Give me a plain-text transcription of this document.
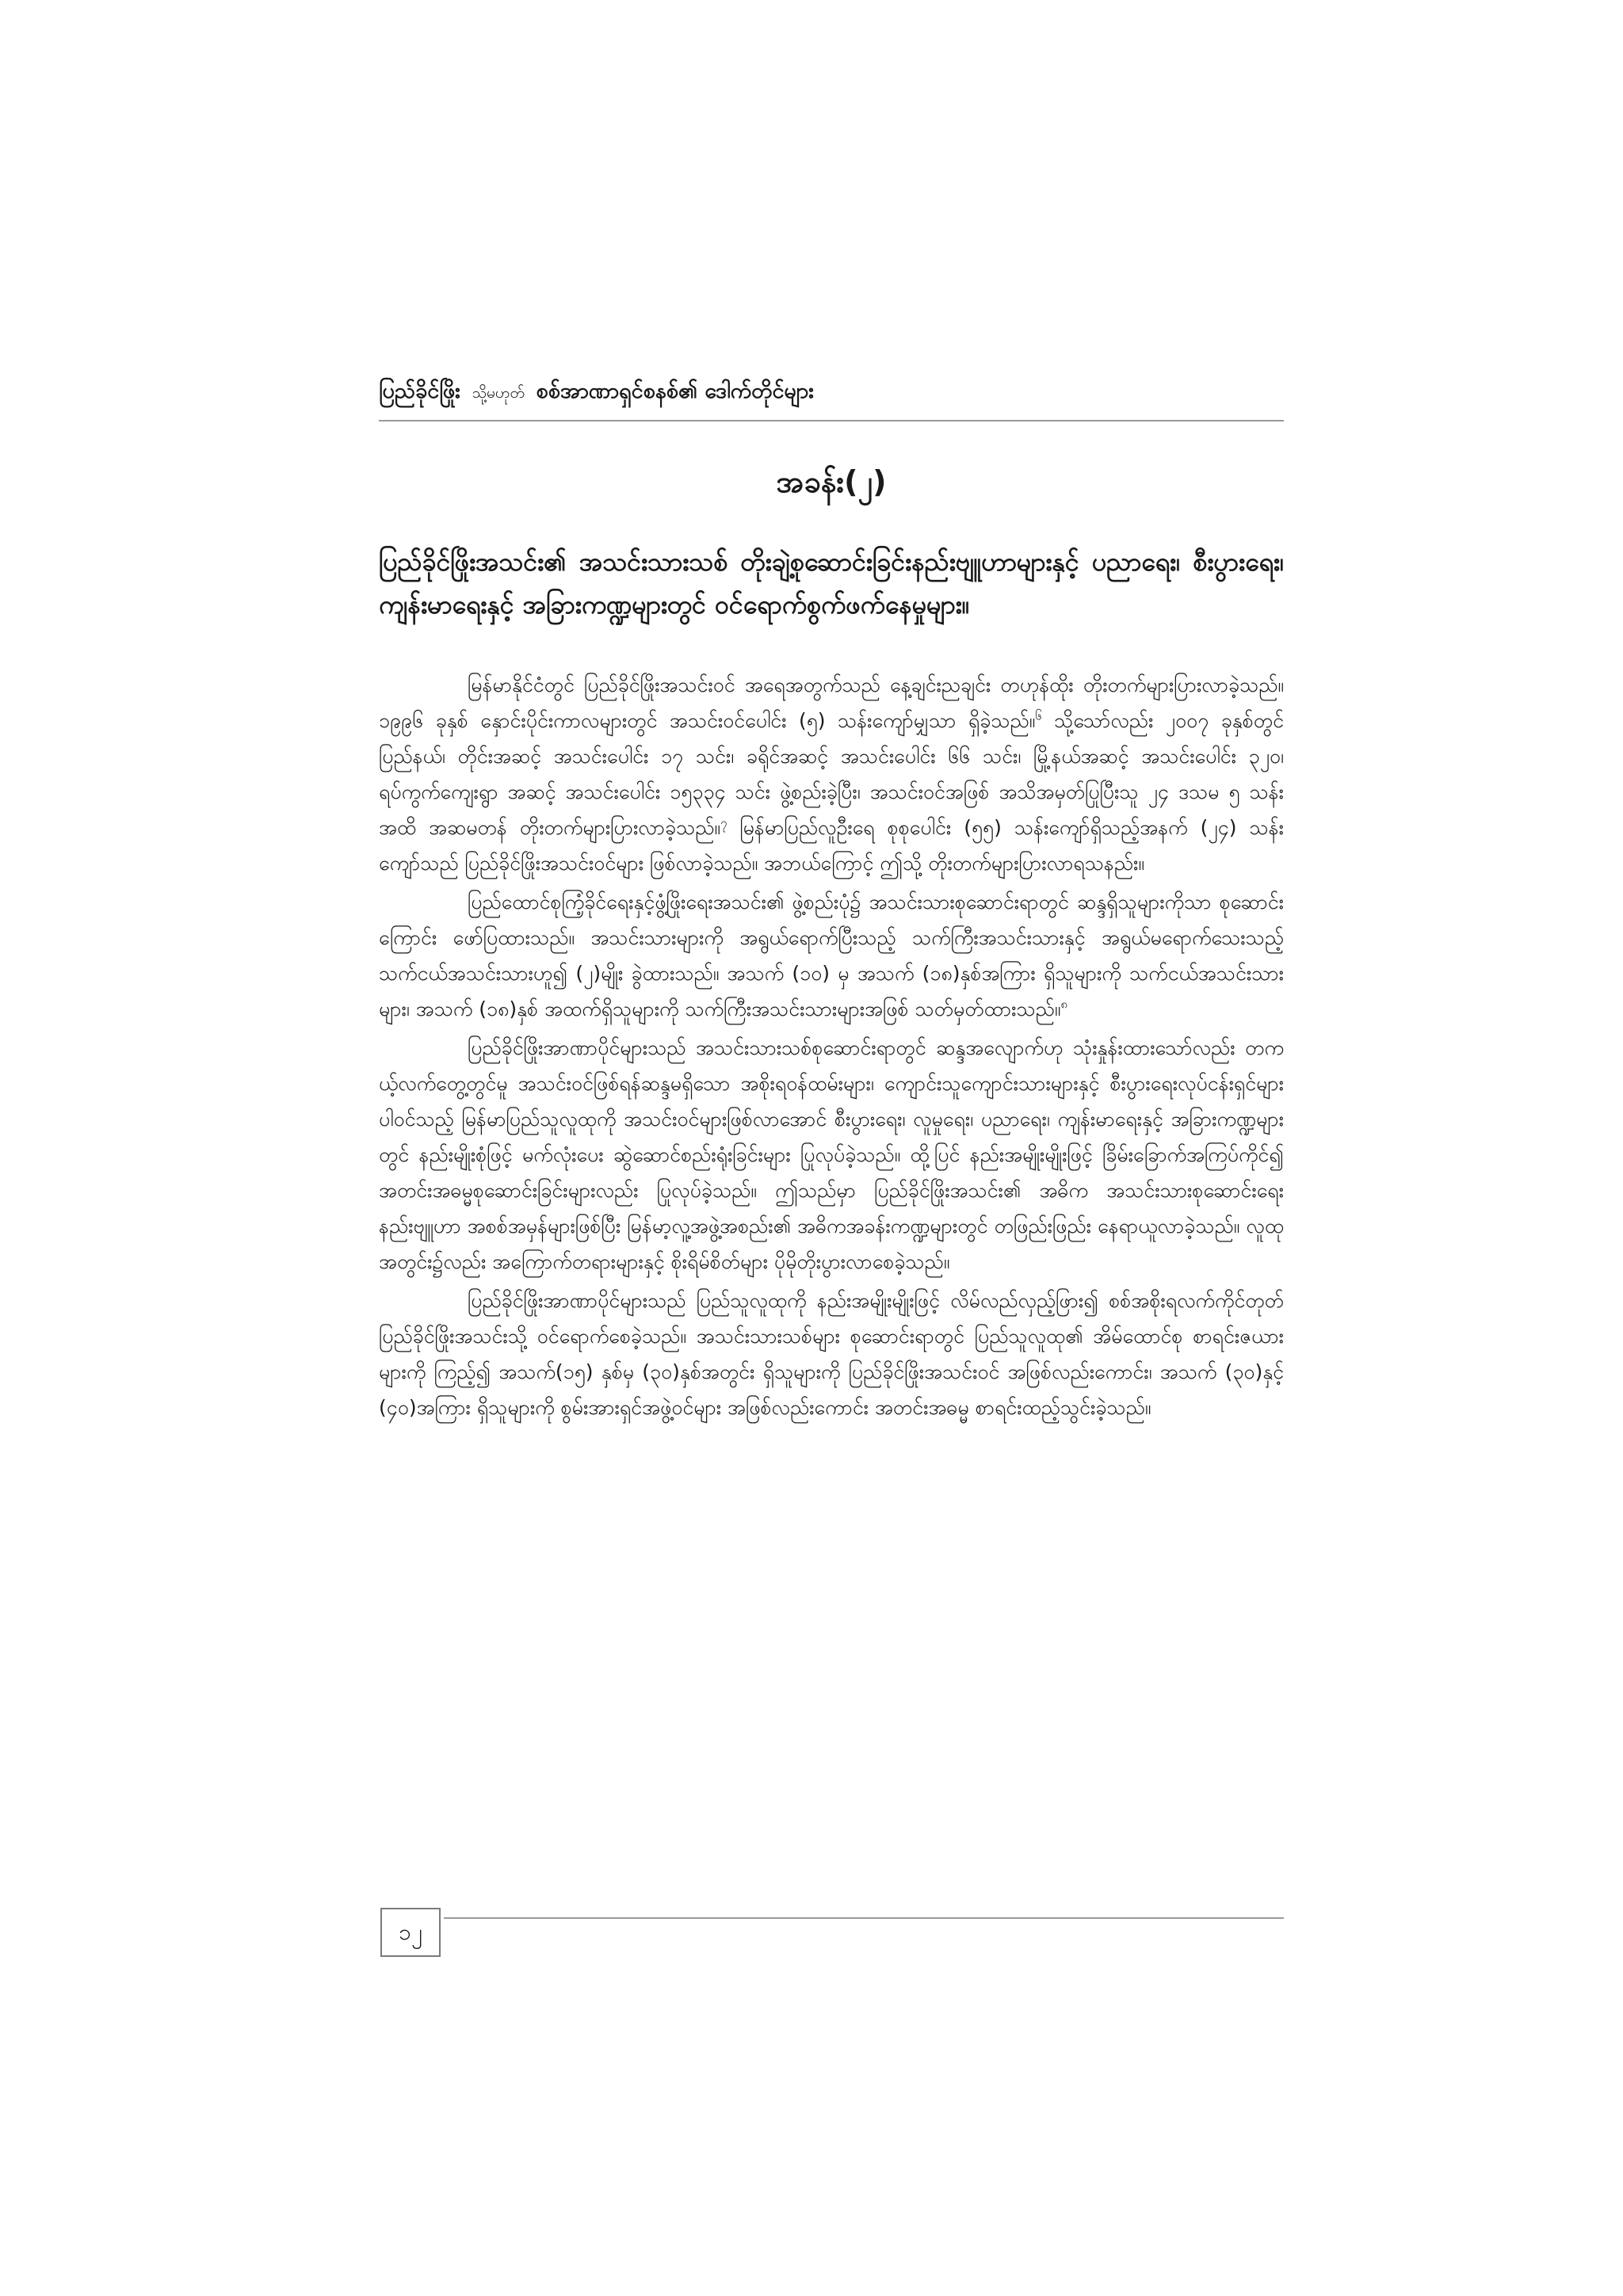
ပြည်ခိုင်ဖြိုး သို့မဟုတ် စစ်အာဏာရှင်စနစ်၏ ဒေါက်တိုင်များ
အခန်း(၂)
ပြည်ခိုင်ဖြိုးအသင်း၏ အသင်းသားသစ် တိုးချဲ့စုဆောင်းခြင်းနည်းဗျူဟာများနှင့် ပညာရေး၊ စီးပွားရေး၊ ကျန်းမာရေးနှင့် အခြားကဏ္ဍများတွင် ဝင်ရောက်စွက်ဖက်နေမှုများ။

မြန်မာနိုင်ငံတွင် ပြည်ခိုင်ဖြိုးအသင်းဝင် အရေအတွက်သည် နေ့ချင်းညချင်း တဟုန်ထိုး တိုးတက်များပြားလာခဲ့သည်။ ၁၉၉၆ ခုနှစ် နှောင်းပိုင်းကာလများတွင် အသင်းဝင်ပေါင်း (၅) သန်းကျော်မျှသာ ရှိခဲ့သည်။$^၆$ သို့သော်လည်း ၂၀၀၇ ခုနှစ်တွင် ပြည်နယ်၊ တိုင်းအဆင့် အသင်းပေါင်း ၁၇ သင်း၊ ခရိုင်အဆင့် အသင်းပေါင်း ၆၆ သင်း၊ မြို့နယ်အဆင့် အသင်းပေါင်း ၃၂၀၊ ရပ်ကွက်ကျေးရွာ အဆင့် အသင်းပေါင်း ၁၅၃၃၄ သင်း ဖွဲ့စည်းခဲ့ပြီး၊ အသင်းဝင်အဖြစ် အသိအမှတ်ပြုပြီးသူ ၂၄ ဒသမ ၅ သန်းအထိ အဆမတန် တိုးတက်များပြားလာခဲ့သည်။$^၇$ မြန်မာပြည်လူဦးရေ စုစုပေါင်း (၅၅) သန်းကျော်ရှိသည့်အနက် (၂၄) သန်းကျော်သည် ပြည်ခိုင်ဖြိုးအသင်းဝင်များ ဖြစ်လာခဲ့သည်။ အဘယ်ကြောင့် ဤသို့ တိုးတက်များပြားလာရသနည်း။

ပြည်ထောင်စုကြံ့ခိုင်ရေးနှင့်ဖွံ့ဖြိုးရေးအသင်း၏ ဖွဲ့စည်းပုံ၌ အသင်းသားစုဆောင်းရာတွင် ဆန္ဒရှိသူများကိုသာ စုဆောင်းကြောင်း ဖော်ပြထားသည်။ အသင်းသားများကို အရွယ်ရောက်ပြီးသည့် သက်ကြီးအသင်းသားနှင့် အရွယ်မရောက်သေးသည့် သက်ငယ်အသင်းသားဟူ၍ (၂)မျိုး ခွဲထားသည်။ အသက် (၁၀) မှ အသက် (၁၈)နှစ်အကြား ရှိသူများကို သက်ငယ်အသင်းသားများ၊ အသက် (၁၈)နှစ် အထက်ရှိသူများကို သက်ကြီးအသင်းသားများအဖြစ် သတ်မှတ်ထားသည်။$^၈$

ပြည်ခိုင်ဖြိုးအာဏာပိုင်များသည် အသင်းသားသစ်စုဆောင်းရာတွင် ဆန္ဒအလျောက်ဟု သုံးနှုန်းထားသော်လည်း တကယ့်လက်တွေ့တွင်မူ အသင်းဝင်ဖြစ်ရန်ဆန္ဒမရှိသော အစိုးရဝန်ထမ်းများ၊ ကျောင်းသူကျောင်းသားများနှင့် စီးပွားရေးလုပ်ငန်းရှင်များပါဝင်သည့် မြန်မာပြည်သူလူထုကို အသင်းဝင်များဖြစ်လာအောင် စီးပွားရေး၊ လူမှုရေး၊ ပညာရေး၊ ကျန်းမာရေးနှင့် အခြားကဏ္ဍများတွင် နည်းမျိုးစုံဖြင့် မက်လုံးပေး ဆွဲဆောင်စည်းရုံးခြင်းများ ပြုလုပ်ခဲ့သည်။ ထို့ပြင် နည်းအမျိုးမျိုးဖြင့် ခြိမ်းခြောက်အကြပ်ကိုင်၍ အတင်းအဓမ္မစုဆောင်းခြင်းများလည်း ပြုလုပ်ခဲ့သည်။ ဤသည်မှာ ပြည်ခိုင်ဖြိုးအသင်း၏ အဓိက အသင်းသားစုဆောင်းရေးနည်းဗျူဟာ အစစ်အမှန်များဖြစ်ပြီး မြန်မာ့လူ့အဖွဲ့အစည်း၏ အဓိကအခန်းကဏ္ဍများတွင် တဖြည်းဖြည်း နေရာယူလာခဲ့သည်။ လူထုအတွင်း၌လည်း အကြောက်တရားများနှင့် စိုးရိမ်စိတ်များ ပိုမိုတိုးပွားလာစေခဲ့သည်။

ပြည်ခိုင်ဖြိုးအာဏာပိုင်များသည် ပြည်သူလူထုကို နည်းအမျိုးမျိုးဖြင့် လိမ်လည်လှည့်ဖြား၍ စစ်အစိုးရလက်ကိုင်တုတ် ပြည်ခိုင်ဖြိုးအသင်းသို့ ဝင်ရောက်စေခဲ့သည်။ အသင်းသားသစ်များ စုဆောင်းရာတွင် ပြည်သူလူထု၏ အိမ်ထောင်စု စာရင်းဇယားများကို ကြည့်၍ အသက်(၁၅) နှစ်မှ (၃၀)နှစ်အတွင်း ရှိသူများကို ပြည်ခိုင်ဖြိုးအသင်းဝင် အဖြစ်လည်းကောင်း၊ အသက် (၃၀)နှင့် (၄၀)အကြား ရှိသူများကို စွမ်းအားရှင်အဖွဲ့ဝင်များ အဖြစ်လည်းကောင်း အတင်းအဓမ္မ စာရင်းထည့်သွင်းခဲ့သည်။

၁၂
